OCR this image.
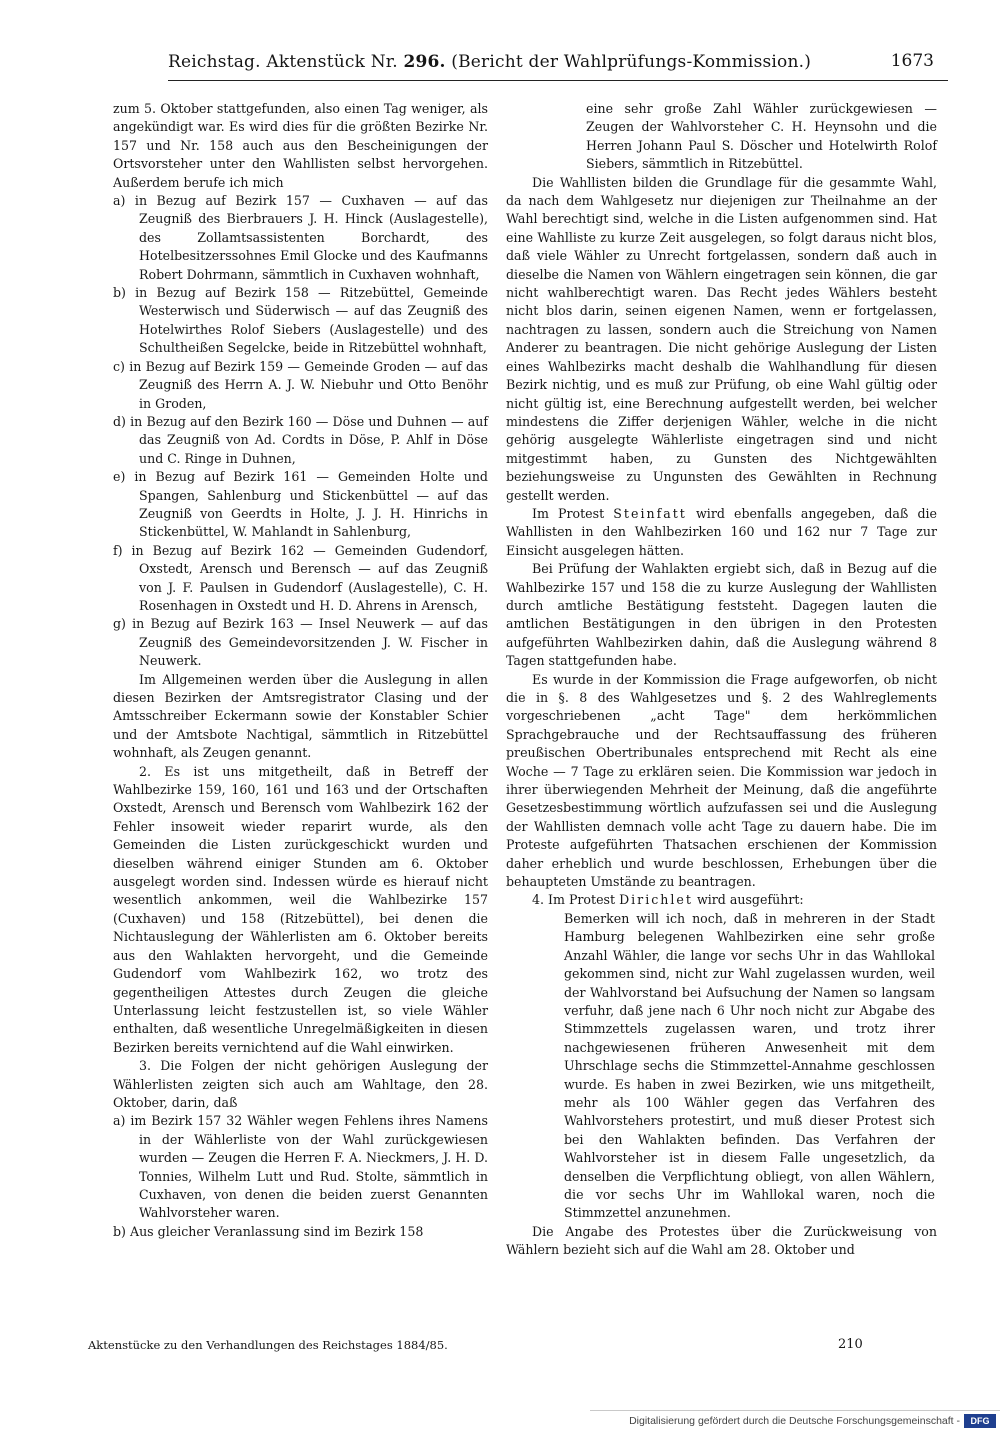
Reichstag. Aktenstück Nr. 296. (Bericht der Wahlprüfungs-Kommission.)	1673

zum 5. Oktober stattgefunden, also einen Tag weniger, als angekündigt war. Es wird dies für die größten Bezirke Nr. 157 und Nr. 158 auch aus den Bescheinigungen der Ortsvorsteher unter den Wahllisten selbst hervorgehen. Außerdem berufe ich mich

a) in Bezug auf Bezirk 157 — Cuxhaven — auf das Zeugniß des Bierbrauers J. H. Hinck (Auslagestelle), des Zollamtsassistenten Borchardt, des Hotelbesitzerssohnes Emil Glocke und des Kaufmanns Robert Dohrmann, sämmtlich in Cuxhaven wohnhaft,

b) in Bezug auf Bezirk 158 — Ritzebüttel, Gemeinde Westerwisch und Süderwisch — auf das Zeugniß des Hotelwirthes Rolof Siebers (Auslagestelle) und des Schultheißen Segelcke, beide in Ritzebüttel wohnhaft,

c) in Bezug auf Bezirk 159 — Gemeinde Groden — auf das Zeugniß des Herrn A. J. W. Niebuhr und Otto Benöhr in Groden,

d) in Bezug auf den Bezirk 160 — Döse und Duhnen — auf das Zeugniß von Ad. Cordts in Döse, P. Ahlf in Döse und C. Ringe in Duhnen,

e) in Bezug auf Bezirk 161 — Gemeinden Holte und Spangen, Sahlenburg und Stickenbüttel — auf das Zeugniß von Geerdts in Holte, J. J. H. Hinrichs in Stickenbüttel, W. Mahlandt in Sahlenburg,

f) in Bezug auf Bezirk 162 — Gemeinden Gudendorf, Oxstedt, Arensch und Berensch — auf das Zeugniß von J. F. Paulsen in Gudendorf (Auslagestelle), C. H. Rosenhagen in Oxstedt und H. D. Ahrens in Arensch,

g) in Bezug auf Bezirk 163 — Insel Neuwerk — auf das Zeugniß des Gemeindevorsitzenden J. W. Fischer in Neuwerk.

Im Allgemeinen werden über die Auslegung in allen diesen Bezirken der Amtsregistrator Clasing und der Amtsschreiber Eckermann sowie der Konstabler Schier und der Amtsbote Nachtigal, sämmtlich in Ritzebüttel wohnhaft, als Zeugen genannt.

2. Es ist uns mitgetheilt, daß in Betreff der Wahlbezirke 159, 160, 161 und 163 und der Ortschaften Oxstedt, Arensch und Berensch vom Wahlbezirk 162 der Fehler insoweit wieder reparirt wurde, als den Gemeinden die Listen zurückgeschickt wurden und dieselben während einiger Stunden am 6. Oktober ausgelegt worden sind. Indessen würde es hierauf nicht wesentlich ankommen, weil die Wahlbezirke 157 (Cuxhaven) und 158 (Ritzebüttel), bei denen die Nichtauslegung der Wählerlisten am 6. Oktober bereits aus den Wahlakten hervorgeht, und die Gemeinde Gudendorf vom Wahlbezirk 162, wo trotz des gegentheiligen Attestes durch Zeugen die gleiche Unterlassung leicht festzustellen ist, so viele Wähler enthalten, daß wesentliche Unregelmäßigkeiten in diesen Bezirken bereits vernichtend auf die Wahl einwirken.

3. Die Folgen der nicht gehörigen Auslegung der Wählerlisten zeigten sich auch am Wahltage, den 28. Oktober, darin, daß

a) im Bezirk 157 32 Wähler wegen Fehlens ihres Namens in der Wählerliste von der Wahl zurückgewiesen wurden — Zeugen die Herren F. A. Nieckmers, J. H. D. Tonnies, Wilhelm Lutt und Rud. Stolte, sämmtlich in Cuxhaven, von denen die beiden zuerst Genannten Wahlvorsteher waren.

b) Aus gleicher Veranlassung sind im Bezirk 158

eine sehr große Zahl Wähler zurückgewiesen — Zeugen der Wahlvorsteher C. H. Heynsohn und die Herren Johann Paul S. Döscher und Hotelwirth Rolof Siebers, sämmtlich in Ritzebüttel.

Die Wahllisten bilden die Grundlage für die gesammte Wahl, da nach dem Wahlgesetz nur diejenigen zur Theilnahme an der Wahl berechtigt sind, welche in die Listen aufgenommen sind. Hat eine Wahlliste zu kurze Zeit ausgelegen, so folgt daraus nicht blos, daß viele Wähler zu Unrecht fortgelassen, sondern daß auch in dieselbe die Namen von Wählern eingetragen sein können, die gar nicht wahlberechtigt waren. Das Recht jedes Wählers besteht nicht blos darin, seinen eigenen Namen, wenn er fortgelassen, nachtragen zu lassen, sondern auch die Streichung von Namen Anderer zu beantragen. Die nicht gehörige Auslegung der Listen eines Wahlbezirks macht deshalb die Wahlhandlung für diesen Bezirk nichtig, und es muß zur Prüfung, ob eine Wahl gültig oder nicht gültig ist, eine Berechnung aufgestellt werden, bei welcher mindestens die Ziffer derjenigen Wähler, welche in die nicht gehörig ausgelegte Wählerliste eingetragen sind und nicht mitgestimmt haben, zu Gunsten des Nichtgewählten beziehungsweise zu Ungunsten des Gewählten in Rechnung gestellt werden.

Im Protest Steinfatt wird ebenfalls angegeben, daß die Wahllisten in den Wahlbezirken 160 und 162 nur 7 Tage zur Einsicht ausgelegen hätten.

Bei Prüfung der Wahlakten ergiebt sich, daß in Bezug auf die Wahlbezirke 157 und 158 die zu kurze Auslegung der Wahllisten durch amtliche Bestätigung feststeht. Dagegen lauten die amtlichen Bestätigungen in den übrigen in den Protesten aufgeführten Wahlbezirken dahin, daß die Auslegung während 8 Tagen stattgefunden habe.

Es wurde in der Kommission die Frage aufgeworfen, ob nicht die in §. 8 des Wahlgesetzes und §. 2 des Wahlreglements vorgeschriebenen „acht Tage" dem herkömmlichen Sprachgebrauche und der Rechtsauffassung des früheren preußischen Obertribunales entsprechend mit Recht als eine Woche — 7 Tage zu erklären seien. Die Kommission war jedoch in ihrer überwiegenden Mehrheit der Meinung, daß die angeführte Gesetzesbestimmung wörtlich aufzufassen sei und die Auslegung der Wahllisten demnach volle acht Tage zu dauern habe. Die im Proteste aufgeführten Thatsachen erschienen der Kommission daher erheblich und wurde beschlossen, Erhebungen über die behaupteten Umstände zu beantragen.

4. Im Protest Dirichlet wird ausgeführt:

Bemerken will ich noch, daß in mehreren in der Stadt Hamburg belegenen Wahlbezirken eine sehr große Anzahl Wähler, die lange vor sechs Uhr in das Wahllokal gekommen sind, nicht zur Wahl zugelassen wurden, weil der Wahlvorstand bei Aufsuchung der Namen so langsam verfuhr, daß jene nach 6 Uhr noch nicht zur Abgabe des Stimmzettels zugelassen waren, und trotz ihrer nachgewiesenen früheren Anwesenheit mit dem Uhrschlage sechs die Stimmzettel-Annahme geschlossen wurde. Es haben in zwei Bezirken, wie uns mitgetheilt, mehr als 100 Wähler gegen das Verfahren des Wahlvorstehers protestirt, und muß dieser Protest sich bei den Wahlakten befinden. Das Verfahren der Wahlvorsteher ist in diesem Falle ungesetzlich, da denselben die Verpflichtung obliegt, von allen Wählern, die vor sechs Uhr im Wahllokal waren, noch die Stimmzettel anzunehmen.

Die Angabe des Protestes über die Zurückweisung von Wählern bezieht sich auf die Wahl am 28. Oktober und

Aktenstücke zu den Verhandlungen des Reichstages 1884/85.	210
Digitalisierung gefördert durch die Deutsche Forschungsgemeinschaft -	DFG
